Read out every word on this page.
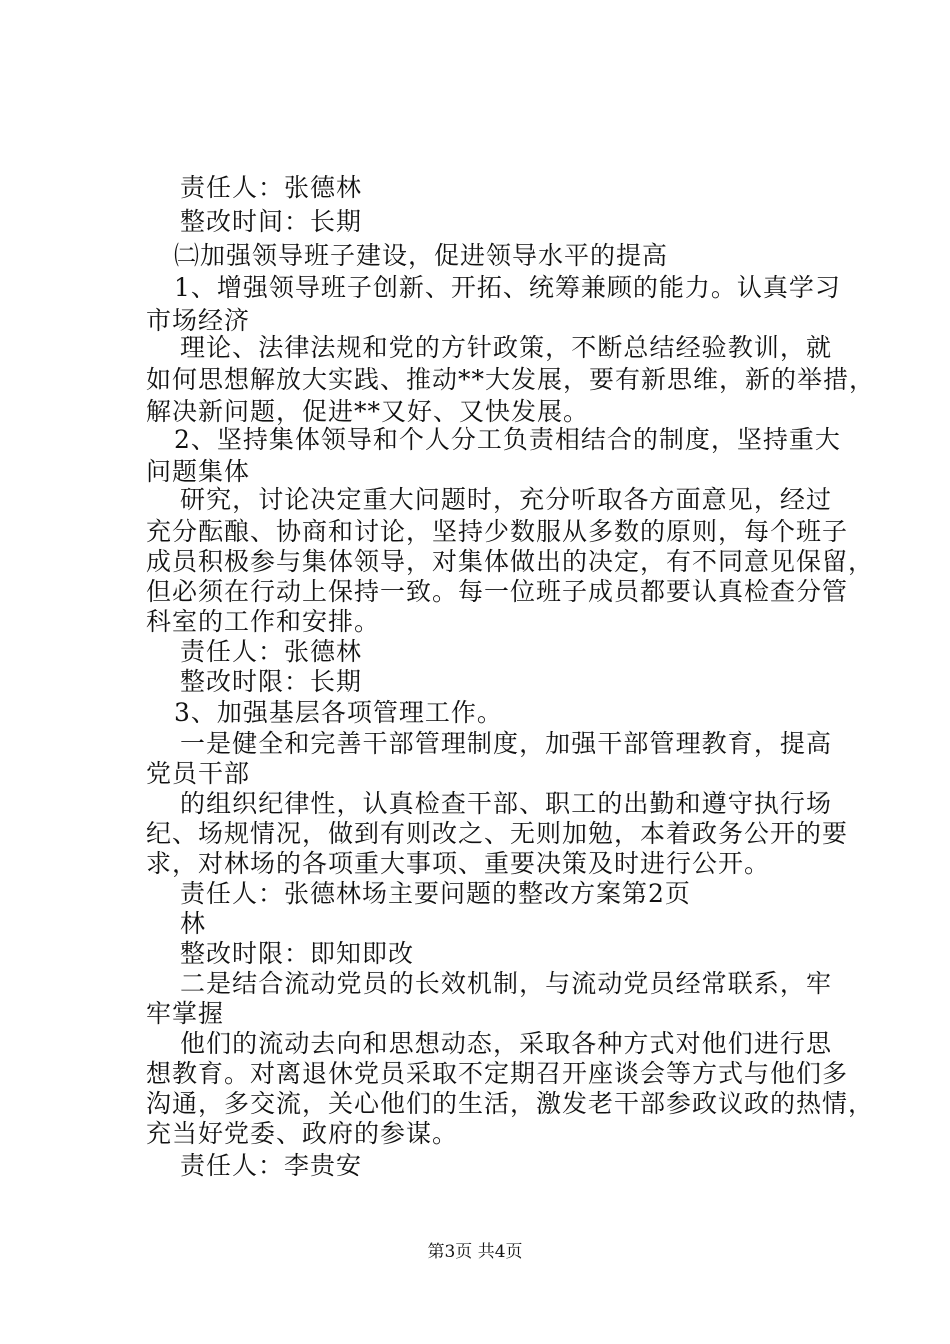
责任人：张德林
整改时间：长期
㈡加强领导班子建设，促进领导水平的提高
1、增强领导班子创新、开拓、统筹兼顾的能力。认真学习
市场经济
理论、法律法规和党的方针政策，不断总结经验教训，就
如何思想解放大实践、推动**大发展，要有新思维，新的举措，
解决新问题，促进**又好、又快发展。
2、坚持集体领导和个人分工负责相结合的制度，坚持重大
问题集体
研究，讨论决定重大问题时，充分听取各方面意见，经过
充分酝酿、协商和讨论，坚持少数服从多数的原则，每个班子
成员积极参与集体领导，对集体做出的决定，有不同意见保留，
但必须在行动上保持一致。每一位班子成员都要认真检查分管
科室的工作和安排。
责任人：张德林
整改时限：长期
3、加强基层各项管理工作。
一是健全和完善干部管理制度，加强干部管理教育，提高
党员干部
的组织纪律性，认真检查干部、职工的出勤和遵守执行场
纪、场规情况，做到有则改之、无则加勉，本着政务公开的要
求，对林场的各项重大事项、重要决策及时进行公开。
责任人：张德林场主要问题的整改方案第2页
林
整改时限：即知即改
二是结合流动党员的长效机制，与流动党员经常联系，牢
牢掌握
他们的流动去向和思想动态，采取各种方式对他们进行思
想教育。对离退休党员采取不定期召开座谈会等方式与他们多
沟通，多交流，关心他们的生活，激发老干部参政议政的热情，
充当好党委、政府的参谋。
责任人：李贵安
第3页 共4页
